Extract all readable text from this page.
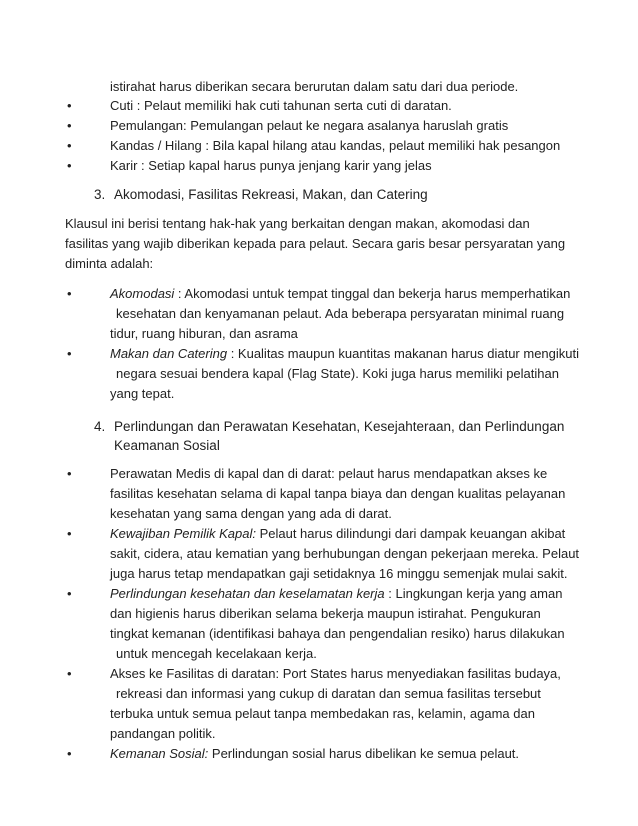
istirahat harus diberikan secara berurutan dalam satu dari dua periode.
•	Cuti : Pelaut memiliki hak cuti tahunan serta cuti di daratan.
•	Pemulangan: Pemulangan pelaut ke negara asalanya haruslah gratis
•	Kandas / Hilang : Bila kapal hilang atau kandas, pelaut memiliki hak pesangon
•	Karir : Setiap kapal harus punya jenjang karir yang jelas
3. Akomodasi, Fasilitas Rekreasi, Makan, dan Catering
Klausul ini berisi tentang hak-hak yang berkaitan dengan makan, akomodasi dan
fasilitas yang wajib diberikan kepada para pelaut. Secara garis besar persyaratan yang
diminta adalah:
•	Akomodasi : Akomodasi untuk tempat tinggal dan bekerja harus memperhatikan
kesehatan dan kenyamanan pelaut. Ada beberapa persyaratan minimal ruang
tidur, ruang hiburan, dan asrama
•	Makan dan Catering : Kualitas maupun kuantitas makanan harus diatur mengikuti
negara sesuai bendera kapal (Flag State). Koki juga harus memiliki pelatihan
yang tepat.
4. Perlindungan dan Perawatan Kesehatan, Kesejahteraan, dan Perlindungan
Keamanan Sosial
•	Perawatan Medis di kapal dan di darat: pelaut harus mendapatkan akses ke
fasilitas kesehatan selama di kapal tanpa biaya dan dengan kualitas pelayanan
kesehatan yang sama dengan yang ada di darat.
•	Kewajiban Pemilik Kapal: Pelaut harus dilindungi dari dampak keuangan akibat
sakit, cidera, atau kematian yang berhubungan dengan pekerjaan mereka. Pelaut
juga harus tetap mendapatkan gaji setidaknya 16 minggu semenjak mulai sakit.
•	Perlindungan kesehatan dan keselamatan kerja : Lingkungan kerja yang aman
dan higienis harus diberikan selama bekerja maupun istirahat. Pengukuran
tingkat kemanan (identifikasi bahaya dan pengendalian resiko) harus dilakukan
untuk mencegah kecelakaan kerja.
•	Akses ke Fasilitas di daratan: Port States harus menyediakan fasilitas budaya,
rekreasi dan informasi yang cukup di daratan dan semua fasilitas tersebut
terbuka untuk semua pelaut tanpa membedakan ras, kelamin, agama dan
pandangan politik.
•	Kemanan Sosial: Perlindungan sosial harus dibelikan ke semua pelaut.
